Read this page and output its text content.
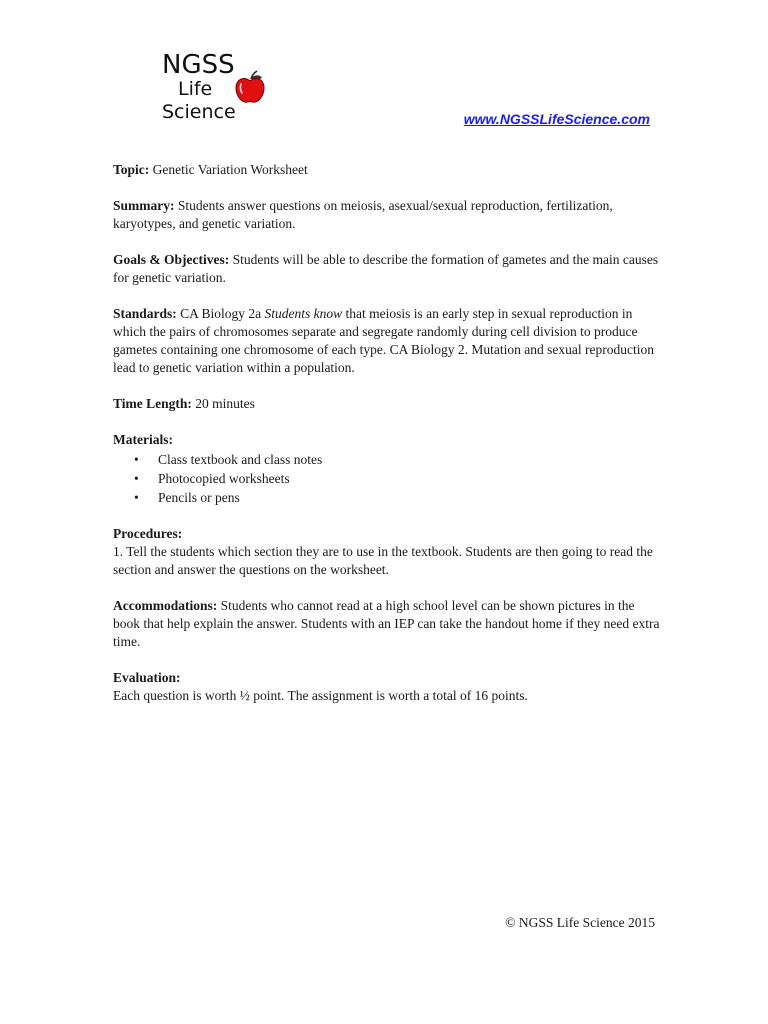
NGSS
Life
Science	www.NGSSLifeScience.com

Topic: Genetic Variation Worksheet

Summary: Students answer questions on meiosis, asexual/sexual reproduction, fertilization, karyotypes, and genetic variation.

Goals & Objectives: Students will be able to describe the formation of gametes and the main causes for genetic variation.

Standards: CA Biology 2a Students know that meiosis is an early step in sexual reproduction in which the pairs of chromosomes separate and segregate randomly during cell division to produce gametes containing one chromosome of each type. CA Biology 2. Mutation and sexual reproduction lead to genetic variation within a population.

Time Length: 20 minutes

Materials:
• Class textbook and class notes
• Photocopied worksheets
• Pencils or pens
Procedures:
1. Tell the students which section they are to use in the textbook. Students are then going to read the section and answer the questions on the worksheet.

Accommodations: Students who cannot read at a high school level can be shown pictures in the book that help explain the answer. Students with an IEP can take the handout home if they need extra time.

Evaluation:
Each question is worth ½ point. The assignment is worth a total of 16 points.
© NGSS Life Science 2015
